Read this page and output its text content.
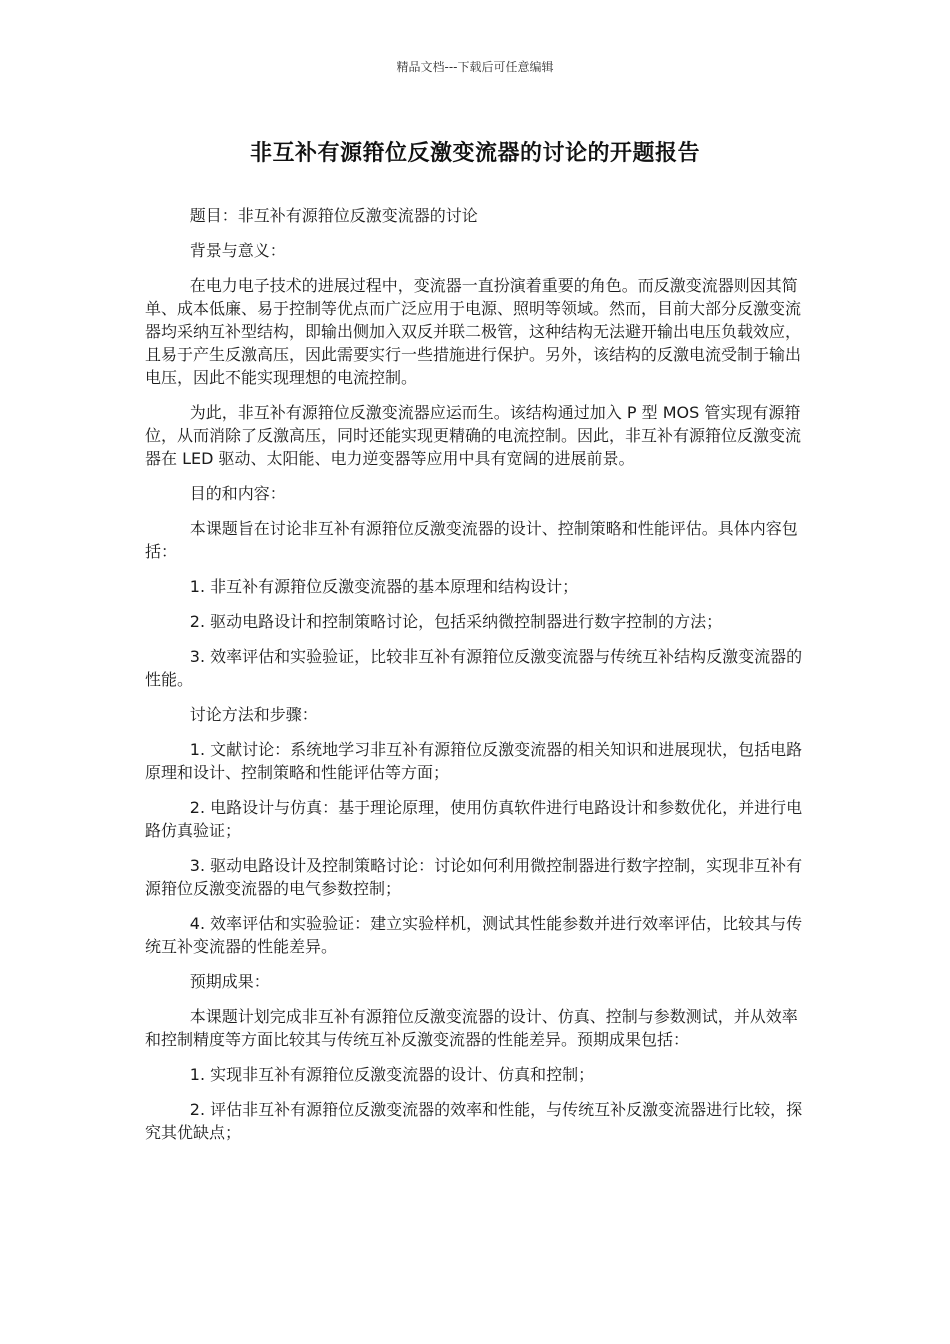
精品文档---下载后可任意编辑
非互补有源箝位反激变流器的讨论的开题报告

题目：非互补有源箝位反激变流器的讨论

背景与意义：

在电力电子技术的进展过程中，变流器一直扮演着重要的角色。而反激变流器则因其简单、成本低廉、易于控制等优点而广泛应用于电源、照明等领域。然而，目前大部分反激变流器均采纳互补型结构，即输出侧加入双反并联二极管，这种结构无法避开输出电压负载效应，且易于产生反激高压，因此需要实行一些措施进行保护。另外，该结构的反激电流受制于输出电压，因此不能实现理想的电流控制。

为此，非互补有源箝位反激变流器应运而生。该结构通过加入 P 型 MOS 管实现有源箝位，从而消除了反激高压，同时还能实现更精确的电流控制。因此，非互补有源箝位反激变流器在 LED 驱动、太阳能、电力逆变器等应用中具有宽阔的进展前景。

目的和内容：

本课题旨在讨论非互补有源箝位反激变流器的设计、控制策略和性能评估。具体内容包括：

1. 非互补有源箝位反激变流器的基本原理和结构设计；

2. 驱动电路设计和控制策略讨论，包括采纳微控制器进行数字控制的方法；

3. 效率评估和实验验证，比较非互补有源箝位反激变流器与传统互补结构反激变流器的性能。

讨论方法和步骤：

1. 文献讨论：系统地学习非互补有源箝位反激变流器的相关知识和进展现状，包括电路原理和设计、控制策略和性能评估等方面；

2. 电路设计与仿真：基于理论原理，使用仿真软件进行电路设计和参数优化，并进行电路仿真验证；

3. 驱动电路设计及控制策略讨论：讨论如何利用微控制器进行数字控制，实现非互补有源箝位反激变流器的电气参数控制；

4. 效率评估和实验验证：建立实验样机，测试其性能参数并进行效率评估，比较其与传统互补变流器的性能差异。

预期成果：

本课题计划完成非互补有源箝位反激变流器的设计、仿真、控制与参数测试，并从效率和控制精度等方面比较其与传统互补反激变流器的性能差异。预期成果包括：

1. 实现非互补有源箝位反激变流器的设计、仿真和控制；

2. 评估非互补有源箝位反激变流器的效率和性能，与传统互补反激变流器进行比较，探究其优缺点；
